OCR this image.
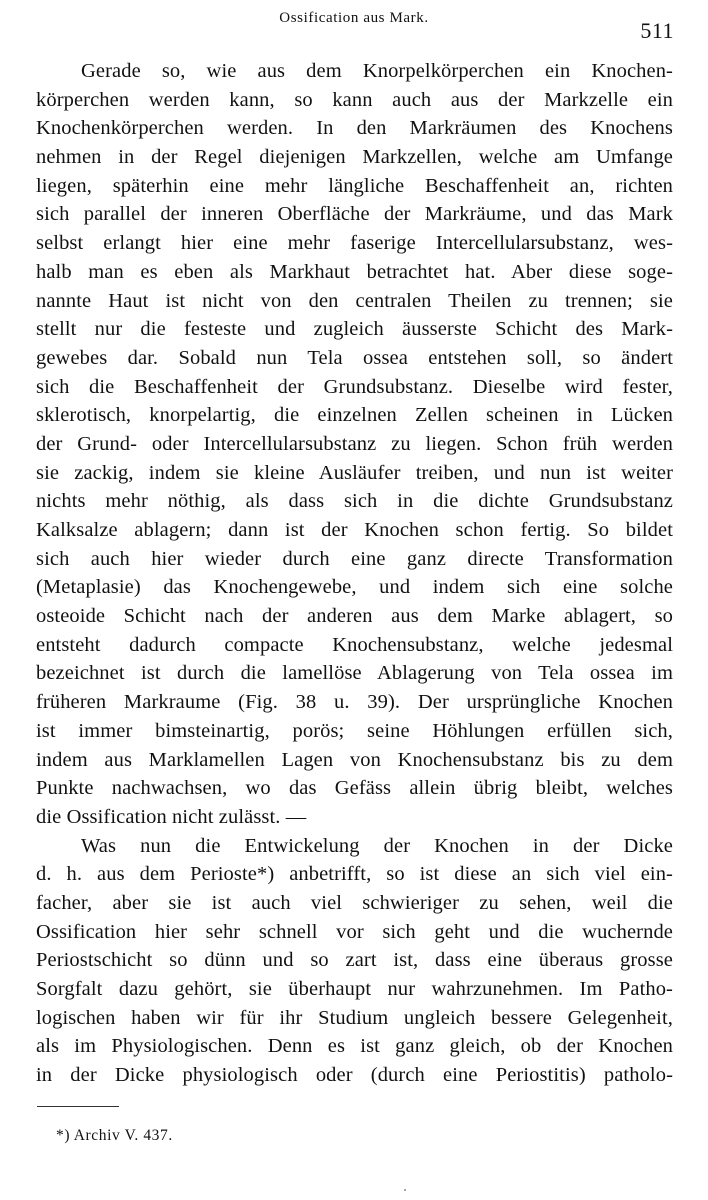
Ossification aus Mark.	511
Gerade so, wie aus dem Knorpelkörperchen ein Knochen-
körperchen werden kann, so kann auch aus der Markzelle ein
Knochenkörperchen werden. In den Markräumen des Knochens
nehmen in der Regel diejenigen Markzellen, welche am Umfange
liegen, späterhin eine mehr längliche Beschaffenheit an, richten
sich parallel der inneren Oberfläche der Markräume, und das Mark
selbst erlangt hier eine mehr faserige Intercellularsubstanz, wes-
halb man es eben als Markhaut betrachtet hat. Aber diese soge-
nannte Haut ist nicht von den centralen Theilen zu trennen; sie
stellt nur die festeste und zugleich äusserste Schicht des Mark-
gewebes dar. Sobald nun Tela ossea entstehen soll, so ändert
sich die Beschaffenheit der Grundsubstanz. Dieselbe wird fester,
sklerotisch, knorpelartig, die einzelnen Zellen scheinen in Lücken
der Grund- oder Intercellularsubstanz zu liegen. Schon früh werden
sie zackig, indem sie kleine Ausläufer treiben, und nun ist weiter
nichts mehr nöthig, als dass sich in die dichte Grundsubstanz
Kalksalze ablagern; dann ist der Knochen schon fertig. So bildet
sich auch hier wieder durch eine ganz directe Transformation
(Metaplasie) das Knochengewebe, und indem sich eine solche
osteoide Schicht nach der anderen aus dem Marke ablagert, so
entsteht dadurch compacte Knochensubstanz, welche jedesmal
bezeichnet ist durch die lamellöse Ablagerung von Tela ossea im
früheren Markraume (Fig. 38 u. 39). Der ursprüngliche Knochen
ist immer bimsteinartig, porös; seine Höhlungen erfüllen sich,
indem aus Marklamellen Lagen von Knochensubstanz bis zu dem
Punkte nachwachsen, wo das Gefäss allein übrig bleibt, welches
die Ossification nicht zulässt. —
Was nun die Entwickelung der Knochen in der Dicke
d. h. aus dem Perioste*) anbetrifft, so ist diese an sich viel ein-
facher, aber sie ist auch viel schwieriger zu sehen, weil die
Ossification hier sehr schnell vor sich geht und die wuchernde
Periostschicht so dünn und so zart ist, dass eine überaus grosse
Sorgfalt dazu gehört, sie überhaupt nur wahrzunehmen. Im Patho-
logischen haben wir für ihr Studium ungleich bessere Gelegenheit,
als im Physiologischen. Denn es ist ganz gleich, ob der Knochen
in der Dicke physiologisch oder (durch eine Periostitis) patholo-
*) Archiv V. 437.
